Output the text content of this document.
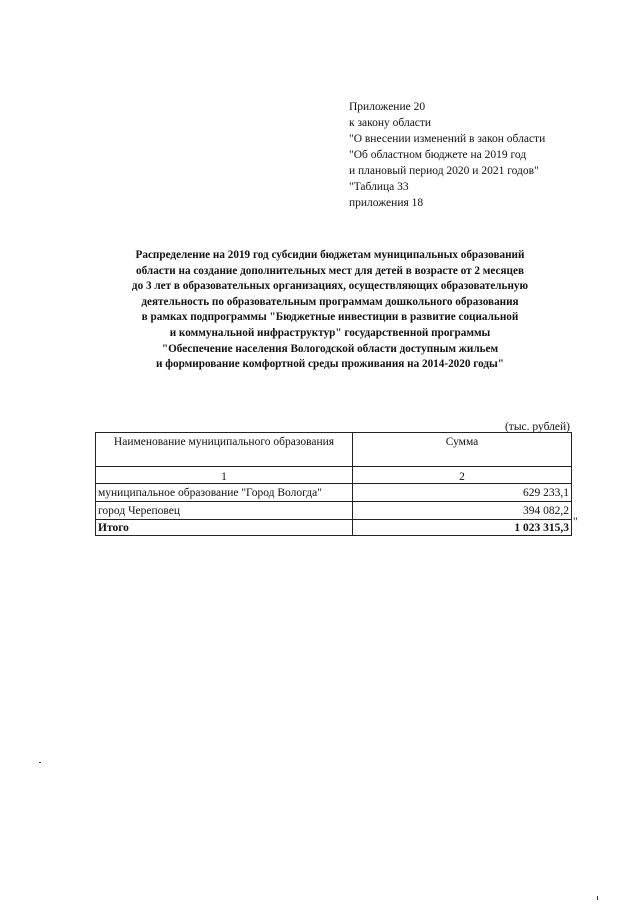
Приложение 20
к закону области
"О внесении изменений в закон области
"Об областном бюджете на 2019 год
и плановый период 2020 и 2021 годов"
"Таблица 33
приложения 18
Распределение на 2019 год субсидии бюджетам муниципальных образований
области на создание дополнительных мест для детей в возрасте от 2 месяцев
до 3 лет в образовательных организациях, осуществляющих образовательную
деятельность по образовательным программам дошкольного образования
в рамках подпрограммы "Бюджетные инвестиции в развитие социальной
и коммунальной инфраструктур" государственной программы
"Обеспечение населения Вологодской области доступным жильем
и формирование комфортной среды проживания на 2014-2020 годы"
(тыс. рублей)
Наименование муниципального образования	Сумма
1	2
муниципальное образование "Город Вологда"	629 233,1
город Череповец	394 082,2
Итого	1 023 315,3 "
